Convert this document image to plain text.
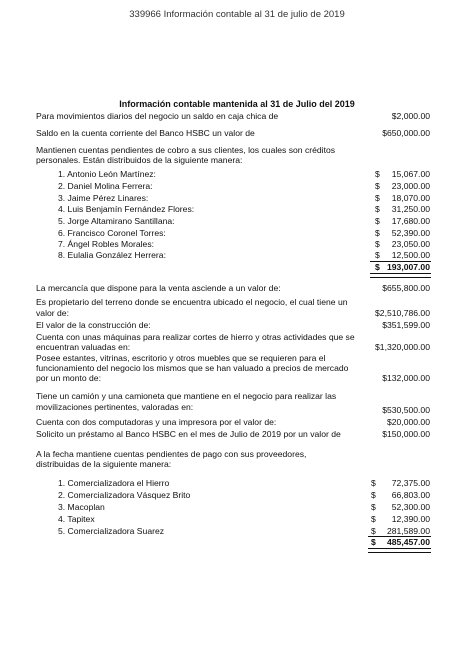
339966 Información contable al 31 de julio de 2019
Información contable mantenida al 31 de Julio del 2019
Para movimientos diarios del negocio un saldo en caja chica de	$2,000.00
Saldo en la cuenta corriente del Banco HSBC un valor de	$650,000.00
Mantienen cuentas pendientes de cobro a sus clientes, los cuales son créditos
personales. Están distribuidos de la siguiente manera:
1. Antonio León Martínez:	$	15,067.00
2. Daniel Molina Ferrera:	$	23,000.00
3. Jaime Pérez Linares:	$	18,070.00
4. Luis Benjamín Fernández Flores:	$	31,250.00
5. Jorge Altamirano Santillana:	$	17,680.00
6. Francisco Coronel Torres:	$	52,390.00
7. Ángel Robles Morales:	$	23,050.00
8. Eulalia González Herrera:	$	12,500.00
$ 193,007.00
La mercancía que dispone para la venta asciende a un valor de:	$655,800.00
Es propietario del terreno donde se encuentra ubicado el negocio, el cual tiene un
valor de:	$2,510,786.00
El valor de la construcción de:	$351,599.00
Cuenta con unas máquinas para realizar cortes de hierro y otras actividades que se
encuentran valuadas en:	$1,320,000.00
Posee estantes, vitrinas, escritorio y otros muebles que se requieren para el
funcionamiento del negocio los mismos que se han valuado a precios de mercado
por un monto de:	$132,000.00
Tiene un camión y una camioneta que mantiene en el negocio para realizar las
movilizaciones pertinentes, valoradas en:	$530,500.00
Cuenta con dos computadoras y una impresora por el valor de:	$20,000.00
Solicito un préstamo al Banco HSBC en el mes de Julio de 2019 por un valor de	$150,000.00
A la fecha mantiene cuentas pendientes de pago con sus proveedores,
distribuidas de la siguiente manera:
1. Comercializadora el Hierro	$	72,375.00
2. Comercializadora Vásquez Brito	$	66,803.00
3. Macoplan	$	52,300.00
4. Tapitex	$	12,390.00
5. Comercializadora Suarez	$	281,589.00
$	485,457.00
